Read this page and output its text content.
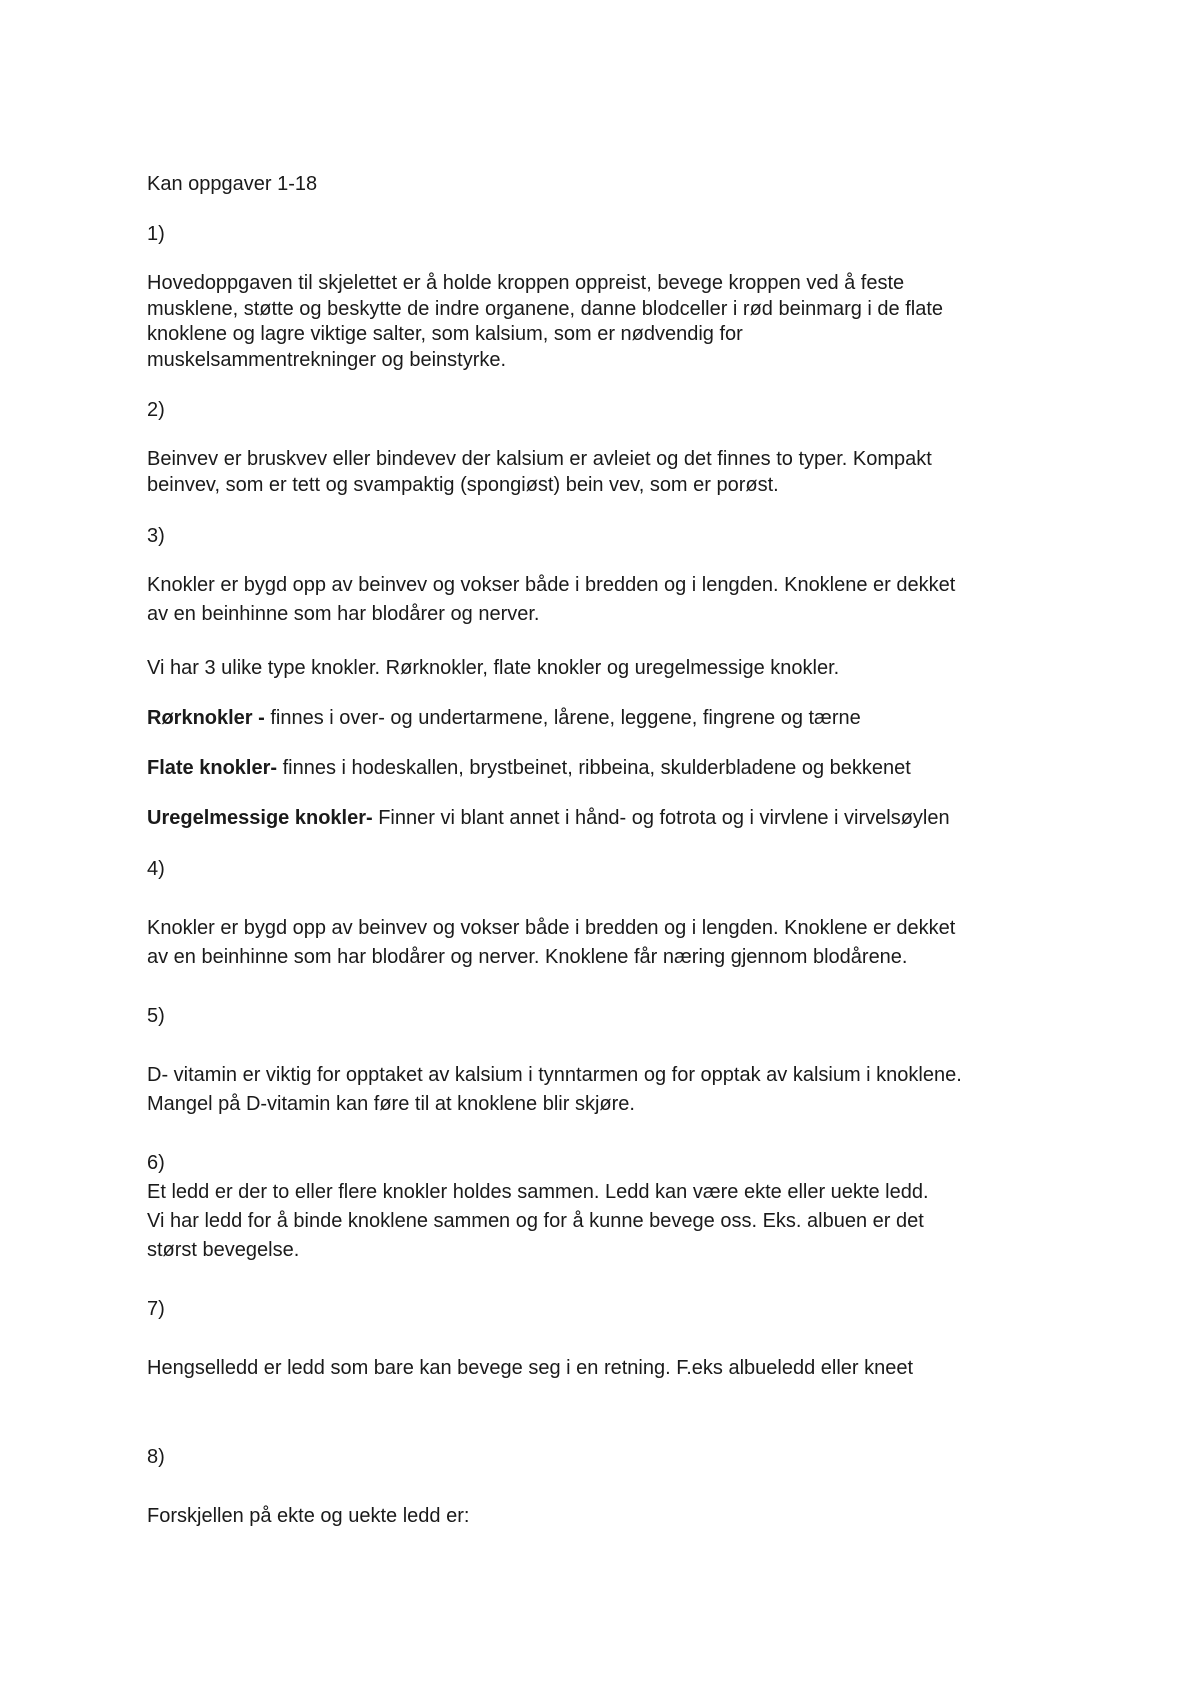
Kan oppgaver 1-18

1)

Hovedoppgaven til skjelettet er å holde kroppen oppreist, bevege kroppen ved å feste

musklene, støtte og beskytte de indre organene, danne blodceller i rød beinmarg i de flate

knoklene og lagre viktige salter, som kalsium, som er nødvendig for

muskelsammentrekninger og beinstyrke.

2)

Beinvev er bruskvev eller bindevev der kalsium er avleiet og det finnes to typer. Kompakt

beinvev, som er tett og svampaktig (spongiøst) bein vev, som er porøst.

3)

Knokler er bygd opp av beinvev og vokser både i bredden og i lengden. Knoklene er dekket

av en beinhinne som har blodårer og nerver.

Vi har 3 ulike type knokler. Rørknokler, flate knokler og uregelmessige knokler.

Rørknokler - finnes i over- og undertarmene, lårene, leggene, fingrene og tærne

Flate knokler- finnes i hodeskallen, brystbeinet, ribbeina, skulderbladene og bekkenet

Uregelmessige knokler- Finner vi blant annet i hånd- og fotrota og i virvlene i virvelsøylen

4)

Knokler er bygd opp av beinvev og vokser både i bredden og i lengden. Knoklene er dekket

av en beinhinne som har blodårer og nerver. Knoklene får næring gjennom blodårene.

5)

D- vitamin er viktig for opptaket av kalsium i tynntarmen og for opptak av kalsium i knoklene.

Mangel på D-vitamin kan føre til at knoklene blir skjøre.

6)

Et ledd er der to eller flere knokler holdes sammen. Ledd kan være ekte eller uekte ledd.

Vi har ledd for å binde knoklene sammen og for å kunne bevege oss. Eks. albuen er det

størst bevegelse.

7)

Hengselledd er ledd som bare kan bevege seg i en retning. F.eks albueledd eller kneet

8)

Forskjellen på ekte og uekte ledd er:
